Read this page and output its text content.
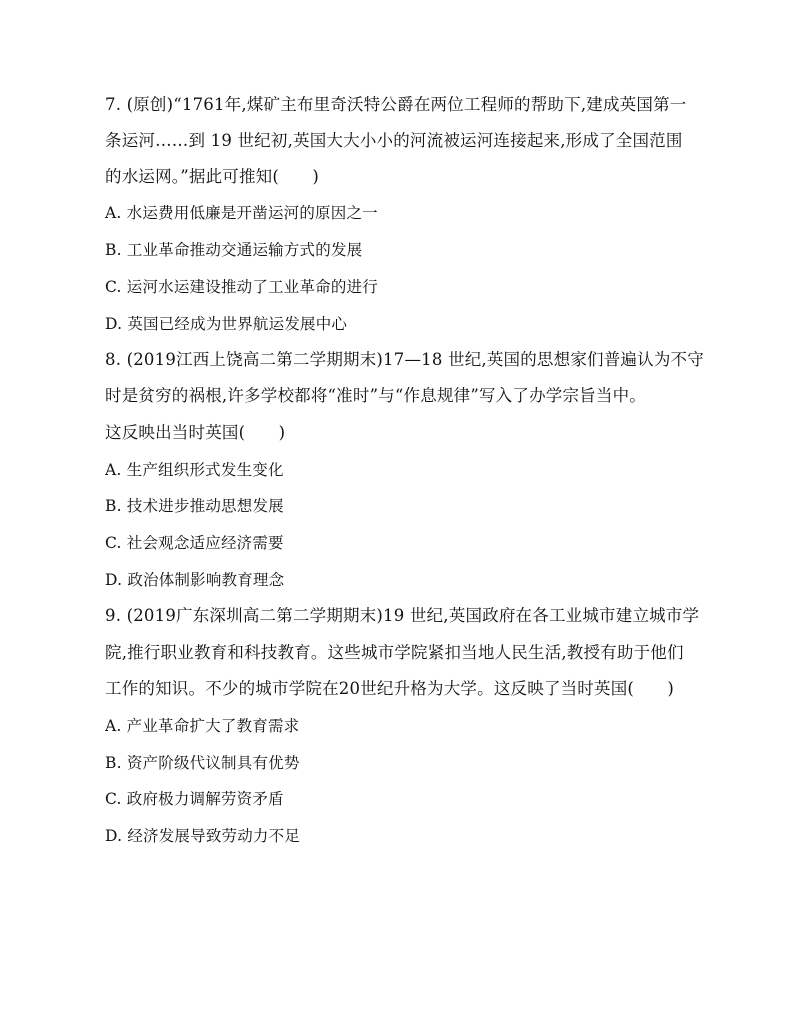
7. (原创)“1761年,煤矿主布里奇沃特公爵在两位工程师的帮助下,建成英国第一
条运河……到 19 世纪初,英国大大小小的河流被运河连接起来,形成了全国范围
的水运网。”据此可推知(　　)
A. 水运费用低廉是开凿运河的原因之一
B. 工业革命推动交通运输方式的发展
C. 运河水运建设推动了工业革命的进行
D. 英国已经成为世界航运发展中心
8. (2019江西上饶高二第二学期期末)17—18 世纪,英国的思想家们普遍认为不守
时是贫穷的祸根,许多学校都将“准时”与“作息规律”写入了办学宗旨当中。
这反映出当时英国(　　)
A. 生产组织形式发生变化
B. 技术进步推动思想发展
C. 社会观念适应经济需要
D. 政治体制影响教育理念
9. (2019广东深圳高二第二学期期末)19 世纪,英国政府在各工业城市建立城市学
院,推行职业教育和科技教育。这些城市学院紧扣当地人民生活,教授有助于他们
工作的知识。不少的城市学院在20世纪升格为大学。这反映了当时英国(　　)
A. 产业革命扩大了教育需求
B. 资产阶级代议制具有优势
C. 政府极力调解劳资矛盾
D. 经济发展导致劳动力不足
